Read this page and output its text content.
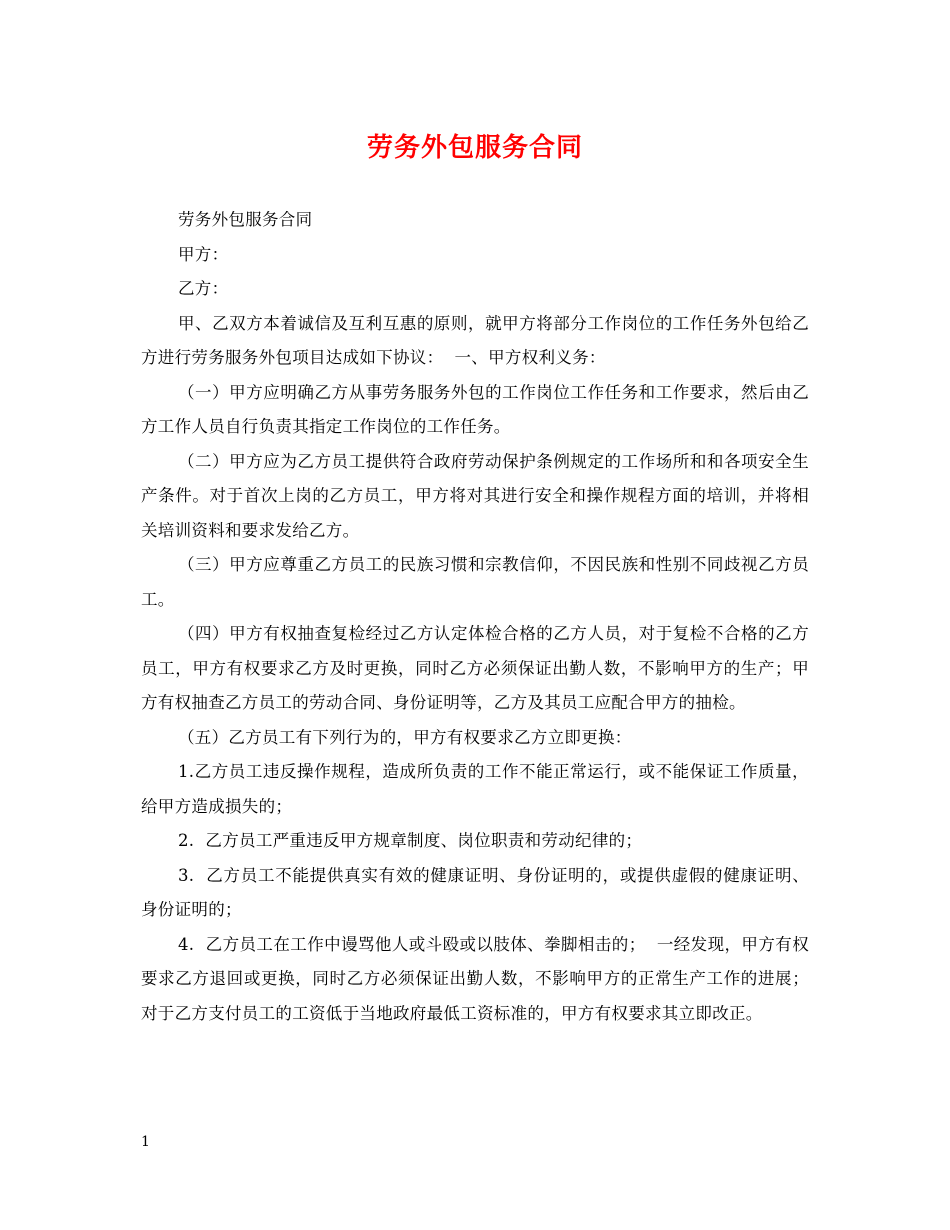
劳务外包服务合同

劳务外包服务合同

甲方：

乙方：

甲、乙双方本着诚信及互利互惠的原则，就甲方将部分工作岗位的工作任务外包给乙方进行劳务服务外包项目达成如下协议：  一、甲方权利义务：

（一）甲方应明确乙方从事劳务服务外包的工作岗位工作任务和工作要求，然后由乙方工作人员自行负责其指定工作岗位的工作任务。

（二）甲方应为乙方员工提供符合政府劳动保护条例规定的工作场所和和各项安全生产条件。对于首次上岗的乙方员工，甲方将对其进行安全和操作规程方面的培训，并将相关培训资料和要求发给乙方。

（三）甲方应尊重乙方员工的民族习惯和宗教信仰，不因民族和性别不同歧视乙方员工。

（四）甲方有权抽查复检经过乙方认定体检合格的乙方人员，对于复检不合格的乙方员工，甲方有权要求乙方及时更换，同时乙方必须保证出勤人数，不影响甲方的生产；甲方有权抽查乙方员工的劳动合同、身份证明等，乙方及其员工应配合甲方的抽检。

（五）乙方员工有下列行为的，甲方有权要求乙方立即更换：

1.乙方员工违反操作规程，造成所负责的工作不能正常运行，或不能保证工作质量，给甲方造成损失的；

2.  乙方员工严重违反甲方规章制度、岗位职责和劳动纪律的；

3.  乙方员工不能提供真实有效的健康证明、身份证明的，或提供虚假的健康证明、身份证明的；

4.  乙方员工在工作中谩骂他人或斗殴或以肢体、拳脚相击的；  一经发现，甲方有权要求乙方退回或更换，同时乙方必须保证出勤人数，不影响甲方的正常生产工作的进展；对于乙方支付员工的工资低于当地政府最低工资标准的，甲方有权要求其立即改正。

1
